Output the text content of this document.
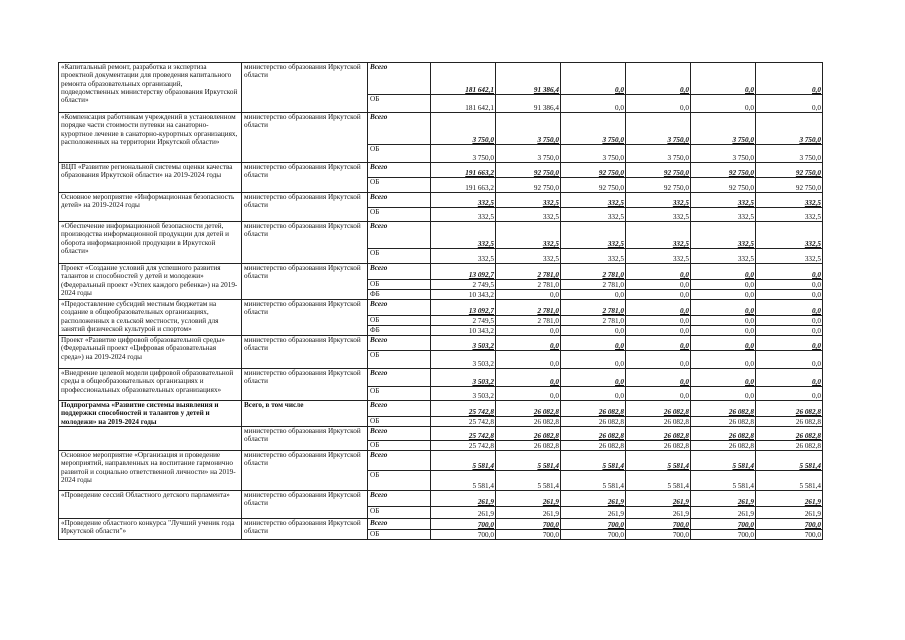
«Капитальный ремонт, разработка и экспертиза проектной документации для проведения капитального ремонта образовательных организаций, подведомственных министерству образования Иркутской области»	министерство образования Иркутской области	Всего	181 642,1	91 386,4	0,0	0,0	0,0	0,0
		ОБ	181 642,1	91 386,4	0,0	0,0	0,0	0,0
«Компенсация работникам учреждений в установленном порядке части стоимости путевки на санаторно-курортное лечение в санаторно-курортных организациях, расположенных на территории Иркутской области»	министерство образования Иркутской области	Всего	3 750,0	3 750,0	3 750,0	3 750,0	3 750,0	3 750,0
		ОБ	3 750,0	3 750,0	3 750,0	3 750,0	3 750,0	3 750,0
ВЦП «Развитие региональной системы оценки качества образования Иркутской области» на 2019-2024 годы	министерство образования Иркутской области	Всего	191 663,2	92 750,0	92 750,0	92 750,0	92 750,0	92 750,0
		ОБ	191 663,2	92 750,0	92 750,0	92 750,0	92 750,0	92 750,0
Основное мероприятие «Информационная безопасность детей» на 2019-2024 годы	министерство образования Иркутской области	Всего	332,5	332,5	332,5	332,5	332,5	332,5
		ОБ	332,5	332,5	332,5	332,5	332,5	332,5
«Обеспечение информационной безопасности детей, производства информационной продукции для детей и оборота информационной продукции в Иркутской области»	министерство образования Иркутской области	Всего	332,5	332,5	332,5	332,5	332,5	332,5
		ОБ	332,5	332,5	332,5	332,5	332,5	332,5
Проект «Создание условий для успешного развития талантов и способностей у детей и молодежи» (Федеральный проект «Успех каждого ребенка») на 2019-2024 годы	министерство образования Иркутской области	Всего	13 092,7	2 781,0	2 781,0	0,0	0,0	0,0
		ОБ	2 749,5	2 781,0	2 781,0	0,0	0,0	0,0
		ФБ	10 343,2	0,0	0,0	0,0	0,0	0,0
«Предоставление субсидий местным бюджетам на создание в общеобразовательных организациях, расположенных в сельской местности, условий для занятий физической культурой и спортом»	министерство образования Иркутской области	Всего	13 092,7	2 781,0	2 781,0	0,0	0,0	0,0
		ОБ	2 749,5	2 781,0	2 781,0	0,0	0,0	0,0
		ФБ	10 343,2	0,0	0,0	0,0	0,0	0,0
Проект «Развитие цифровой образовательной среды» (Федеральный проект «Цифровая образовательная среда») на 2019-2024 годы	министерство образования Иркутской области	Всего	3 503,2	0,0	0,0	0,0	0,0	0,0
		ОБ	3 503,2	0,0	0,0	0,0	0,0	0,0
«Внедрение целевой модели цифровой образовательной среды в общеобразовательных организациях и профессиональных образовательных организациях»	министерство образования Иркутской области	Всего	3 503,2	0,0	0,0	0,0	0,0	0,0
		ОБ	3 503,2	0,0	0,0	0,0	0,0	0,0
Подпрограмма «Развитие системы выявления и поддержки способностей и талантов у детей и молодежи» на 2019-2024 годы	Всего, в том числе	Всего	25 742,8	26 082,8	26 082,8	26 082,8	26 082,8	26 082,8
		ОБ	25 742,8	26 082,8	26 082,8	26 082,8	26 082,8	26 082,8
	министерство образования Иркутской области	Всего	25 742,8	26 082,8	26 082,8	26 082,8	26 082,8	26 082,8
		ОБ	25 742,8	26 082,8	26 082,8	26 082,8	26 082,8	26 082,8
Основное мероприятие «Организация и проведение мероприятий, направленных на воспитание гармонично развитой и социально ответственной личности» на 2019-2024 годы	министерство образования Иркутской области	Всего	5 581,4	5 581,4	5 581,4	5 581,4	5 581,4	5 581,4
		ОБ	5 581,4	5 581,4	5 581,4	5 581,4	5 581,4	5 581,4
«Проведение сессий Областного детского парламента»	министерство образования Иркутской области	Всего	261,9	261,9	261,9	261,9	261,9	261,9
		ОБ	261,9	261,9	261,9	261,9	261,9	261,9
«Проведение областного конкурса "Лучший ученик года Иркутской области"»	министерство образования Иркутской области	Всего	700,0	700,0	700,0	700,0	700,0	700,0
		ОБ	700,0	700,0	700,0	700,0	700,0	700,0
